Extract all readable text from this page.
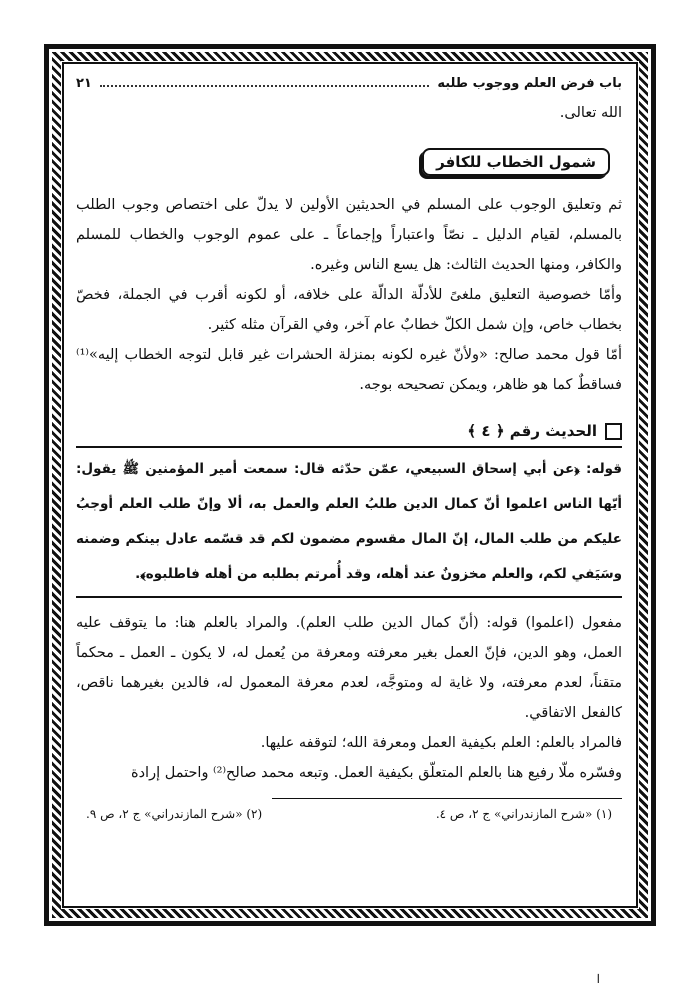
باب فرض العلم ووجوب طلبه
٢١

الله تعالى.

شمول الخطاب للكافر

ثم وتعليق الوجوب على المسلم في الحديثين الأولين لا يدلّ على اختصاص وجوب الطلب بالمسلم، لقيام الدليل ـ نصّاً واعتباراً وإجماعاً ـ على عموم الوجوب والخطاب للمسلم والكافر، ومنها الحديث الثالث: هل يسع الناس وغيره.

وأمّا خصوصية التعليق ملغىً للأدلّة الدالّة على خلافه، أو لكونه أقرب في الجملة، فخصّ بخطاب خاص، وإن شمل الكلّ خطابٌ عام آخر، وفي القرآن مثله كثير.

أمّا قول محمد صالح: «ولأنّ غيره لكونه بمنزلة الحشرات غير قابل لتوجه الخطاب إليه»⁽¹⁾ فساقطٌ كما هو ظاهر، ويمكن تصحيحه بوجه.

الحديث رقم ﴿ ٤ ﴾

قوله: ﴿عن أبي إسحاق السبيعي، عمّن حدّثه قال: سمعت أمير المؤمنين ﷺ يقول: أيّها الناس اعلموا أنّ كمال الدين طلبُ العلم والعمل به، ألا وإنّ طلب العلم أوجبُ عليكم من طلب المال، إنّ المال مقسوم مضمون لكم قد قسّمه عادل بينكم وضمنه وسَيَفي لكم، والعلم مخزونٌ عند أهله، وقد أُمرتم بطلبه من أهله فاطلبوه﴾.

مفعول (اعلموا) قوله: (أنّ كمال الدين طلب العلم). والمراد بالعلم هنا: ما يتوقف عليه العمل، وهو الدين، فإنّ العمل بغير معرفته ومعرفة من يُعمل له، لا يكون ـ العمل ـ محكماً متقناً، لعدم معرفته، ولا غاية له ومتوجَّه، لعدم معرفة المعمول له، فالدين بغيرهما ناقص، كالفعل الاتفاقي.

فالمراد بالعلم: العلم بكيفية العمل ومعرفة الله؛ لتوقفه عليها.

وفسّره ملّا رفيع هنا بالعلم المتعلّق بكيفية العمل. وتبعه محمد صالح⁽²⁾ واحتمل إرادة

(١) «شرح المازندراني» ج ٢، ص ٤.
(٢) «شرح المازندراني» ج ٢، ص ٩.
ا
